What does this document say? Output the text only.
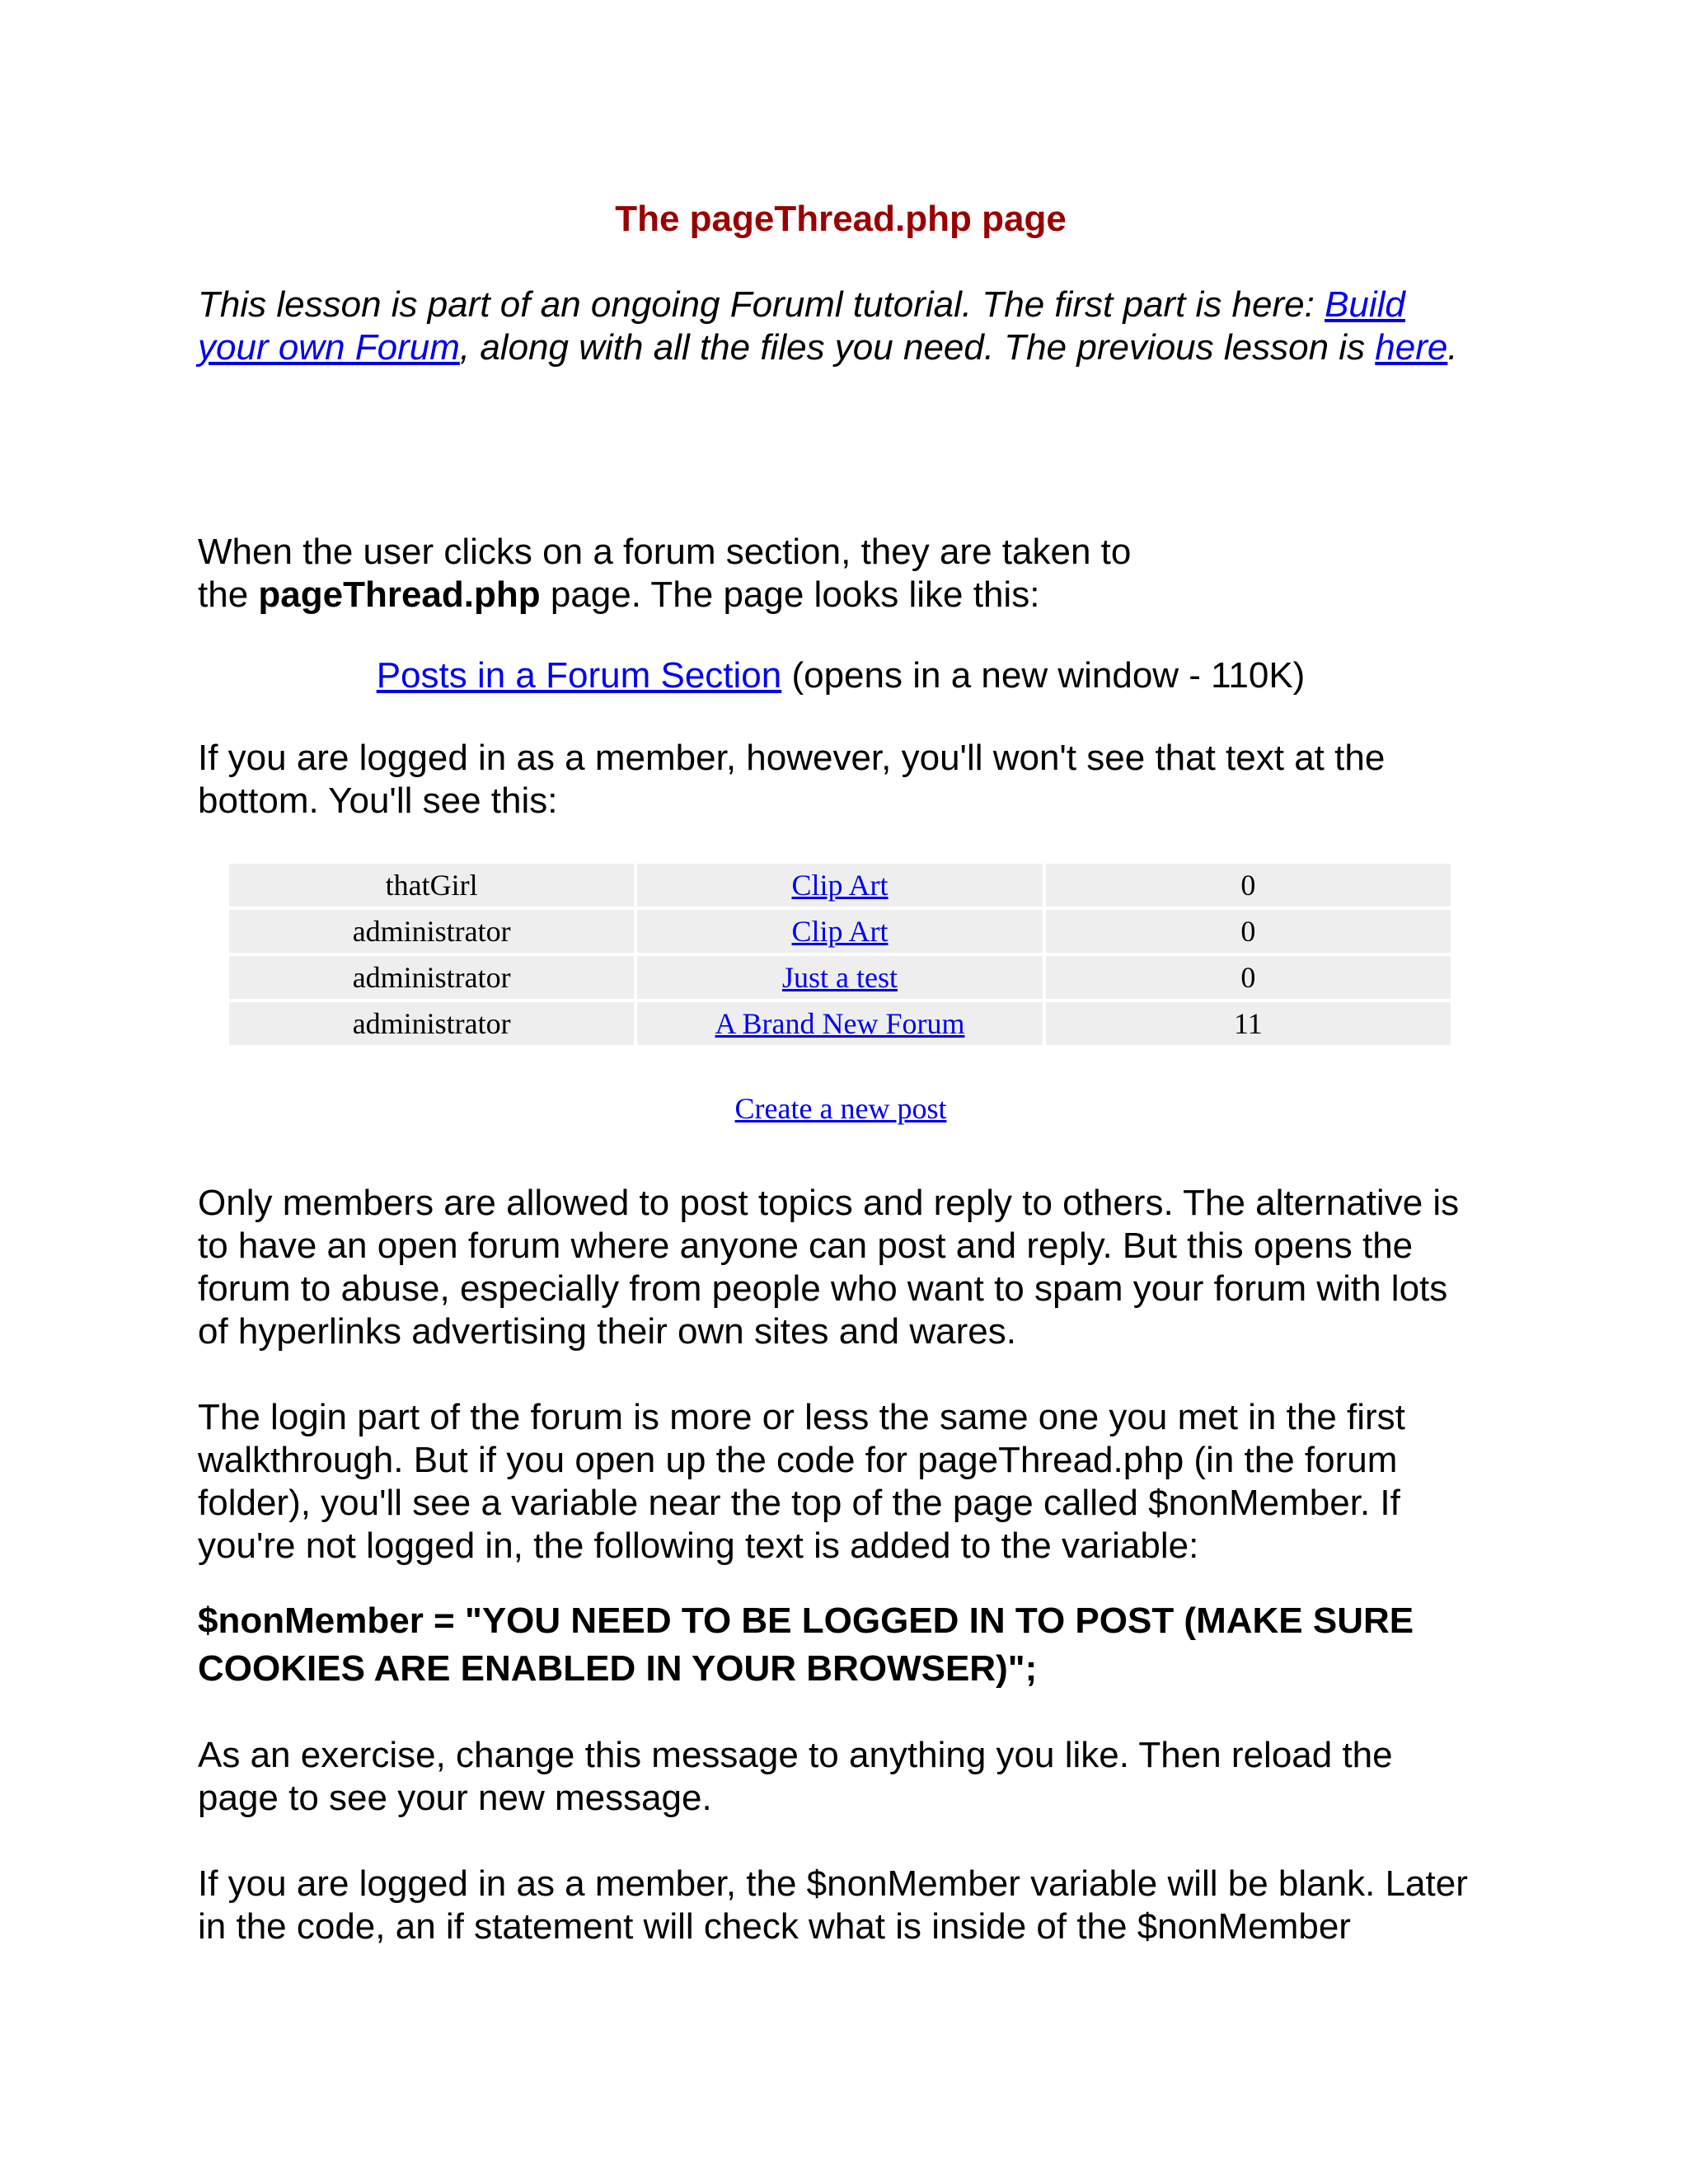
The pageThread.php page
This lesson is part of an ongoing Foruml tutorial. The first part is here: Build your own Forum, along with all the files you need. The previous lesson is here.
When the user clicks on a forum section, they are taken to the pageThread.php page. The page looks like this:
Posts in a Forum Section (opens in a new window - 110K)
If you are logged in as a member, however, you'll won't see that text at the bottom. You'll see this:
thatGirl	Clip Art	0
administrator	Clip Art	0
administrator	Just a test	0
administrator	A Brand New Forum	11
Create a new post
Only members are allowed to post topics and reply to others. The alternative is to have an open forum where anyone can post and reply. But this opens the forum to abuse, especially from people who want to spam your forum with lots of hyperlinks advertising their own sites and wares.
The login part of the forum is more or less the same one you met in the first walkthrough. But if you open up the code for pageThread.php (in the forum folder), you'll see a variable near the top of the page called $nonMember. If you're not logged in, the following text is added to the variable:
$nonMember = "YOU NEED TO BE LOGGED IN TO POST (MAKE SURE COOKIES ARE ENABLED IN YOUR BROWSER)";
As an exercise, change this message to anything you like. Then reload the page to see your new message.
If you are logged in as a member, the $nonMember variable will be blank. Later in the code, an if statement will check what is inside of the $nonMember
